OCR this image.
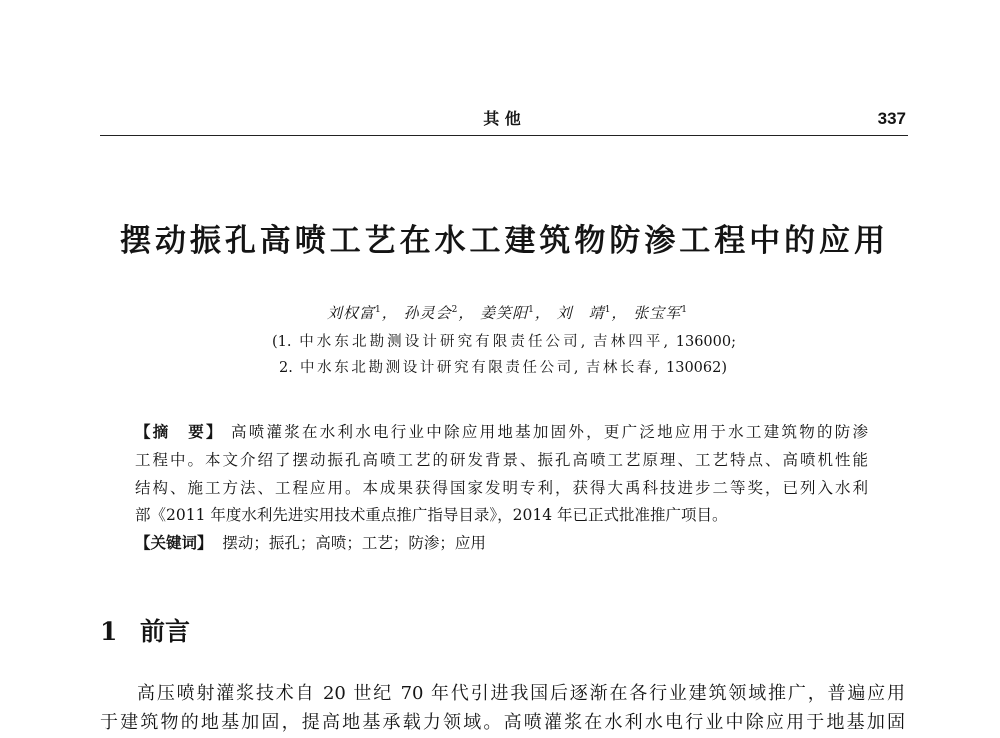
其 他	337
摆动振孔高喷工艺在水工建筑物防渗工程中的应用
刘权富$^1$， 孙灵会$^2$， 姜笑阳$^1$， 刘　靖$^1$， 张宝军$^1$
(1. 中水东北勘测设计研究有限责任公司, 吉林四平, 136000;
2. 中水东北勘测设计研究有限责任公司, 吉林长春, 130062)
【摘　要】 高喷灌浆在水利水电行业中除应用地基加固外，更广泛地应用于水工建筑物的防渗
工程中。本文介绍了摆动振孔高喷工艺的研发背景、振孔高喷工艺原理、工艺特点、高喷机性能
结构、施工方法、工程应用。本成果获得国家发明专利，获得大禹科技进步二等奖，已列入水利
部《2011 年度水利先进实用技术重点推广指导目录》，2014 年已正式批准推广项目。
【关键词】 摆动；振孔；高喷；工艺；防渗；应用
1 前言
高压喷射灌浆技术自 20 世纪 70 年代引进我国后逐渐在各行业建筑领域推广，普遍应用
于建筑物的地基加固，提高地基承载力领域。高喷灌浆在水利水电行业中除应用于地基加固
